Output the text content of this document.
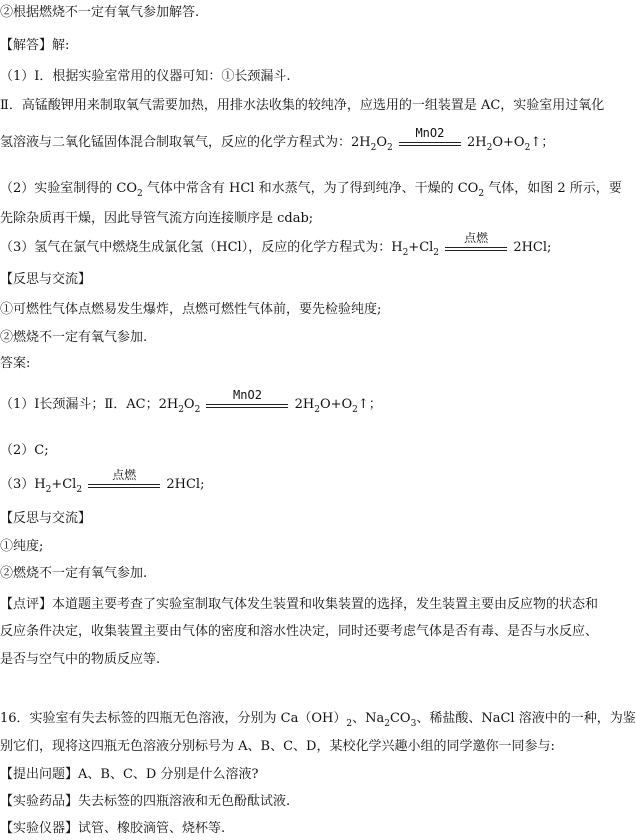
②根据燃烧不一定有氧气参加解答.
【解答】解:
（1）Ⅰ．根据实验室常用的仪器可知：①长颈漏斗.
Ⅱ．高锰酸钾用来制取氧气需要加热，用排水法收集的较纯净，应选用的一组装置是 AC，实验室用过氧化
氢溶液与二氧化锰固体混合制取氧气，反应的化学方程式为：$2H_2O_2$
MnO2
$2H_2O+O_2↑$；
（2）实验室制得的 $CO_2$ 气体中常含有 HCl 和水蒸气，为了得到纯净、干燥的 $CO_2$ 气体，如图 2 所示，要
先除杂质再干燥，因此导管气流方向连接顺序是 cdab;
（3）氢气在氯气中燃烧生成氯化氢（HCl），反应的化学方程式为：$H_2+Cl_2$
点燃
2HCl;
【反思与交流】
①可燃性气体点燃易发生爆炸，点燃可燃性气体前，要先检验纯度;
②燃烧不一定有氧气参加.
答案:
（1）Ⅰ长颈漏斗；Ⅱ．AC；$2H_2O_2$
MnO2
$2H_2O+O_2↑$；
（2）C;
$(3)H_2+Cl_2$
点燃
2HCl;
【反思与交流】
①纯度;
②燃烧不一定有氧气参加.
【点评】本道题主要考查了实验室制取气体发生装置和收集装置的选择，发生装置主要由反应物的状态和
反应条件决定，收集装置主要由气体的密度和溶水性决定，同时还要考虑气体是否有毒、是否与水反应、
是否与空气中的物质反应等.
16．实验室有失去标签的四瓶无色溶液，分别为 $Ca(OH)_2$、$Na_2CO_3$、稀盐酸、NaCl 溶液中的一种，为鉴
别它们，现将这四瓶无色溶液分别标号为 A、B、C、D，某校化学兴趣小组的同学邀你一同参与:
【提出问题】A、B、C、D 分别是什么溶液?
【实验药品】失去标签的四瓶溶液和无色酚酞试液.
【实验仪器】试管、橡胶滴管、烧杯等.
